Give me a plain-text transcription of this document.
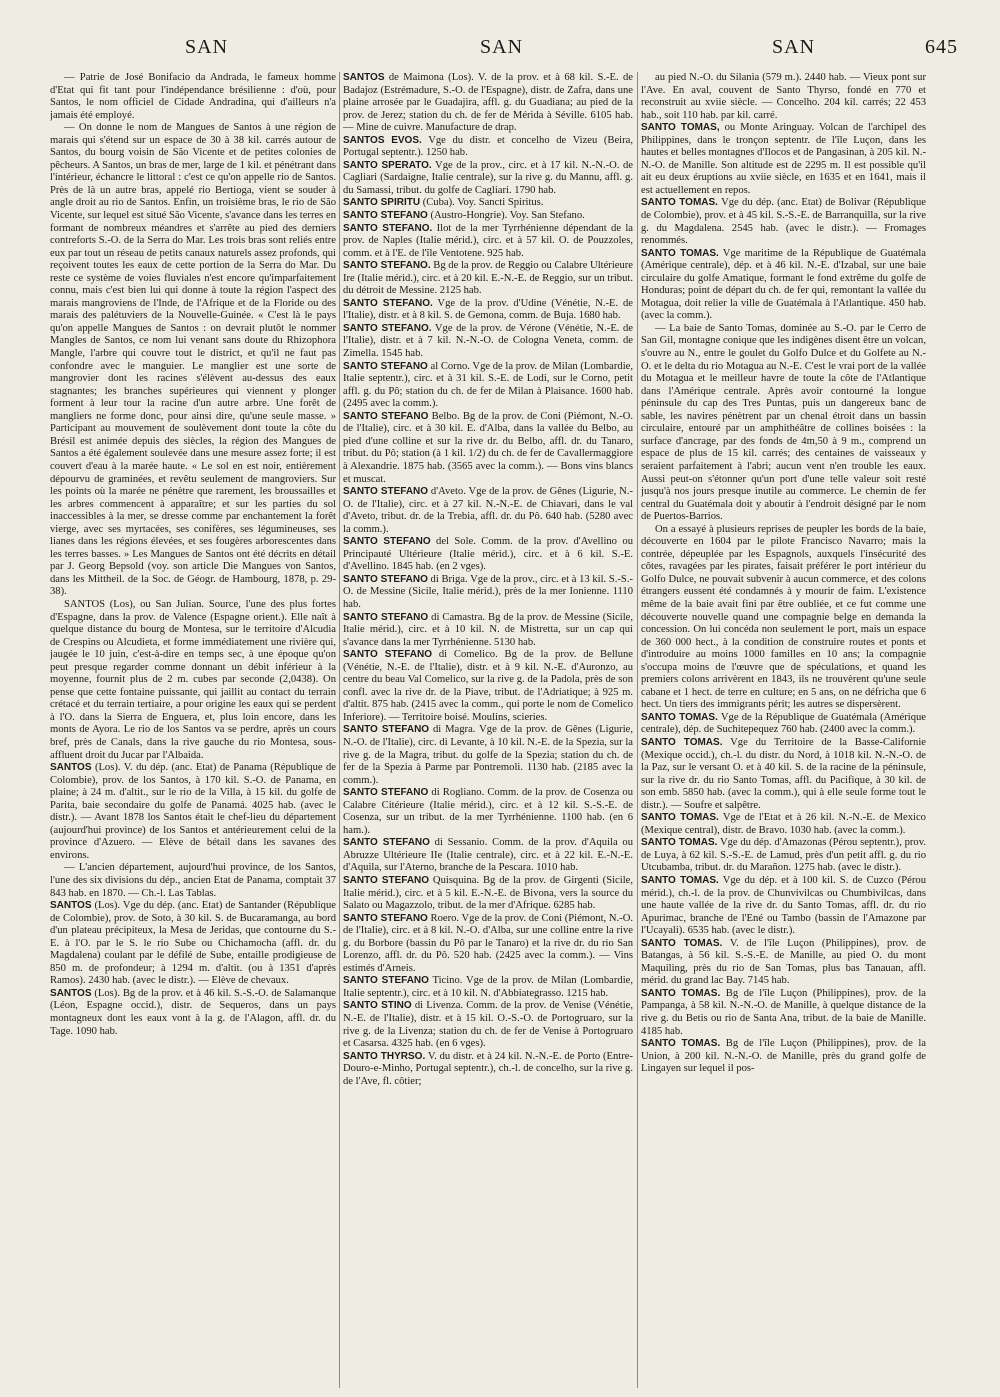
SAN	SAN	SAN	645

— Patrie de José Bonifacio da Andrada, le fameux homme d'Etat qui fit tant pour l'indépendance brésilienne : d'où, pour Santos, le nom officiel de Cidade Andradina, qui d'ailleurs n'a jamais été employé.

— On donne le nom de Mangues de Santos à une région de marais qui s'étend sur un espace de 30 à 38 kil. carrés autour de Santos, du bourg voisin de São Vicente et de petites colonies de pêcheurs. A Santos, un bras de mer, large de 1 kil. et pénétrant dans l'intérieur, échancre le littoral : c'est ce qu'on appelle rio de Santos. Près de là un autre bras, appelé rio Bertioga, vient se souder à angle droit au rio de Santos. Enfin, un troisième bras, le rio de São Vicente, sur lequel est situé São Vicente, s'avance dans les terres en formant de nombreux méandres et s'arrête au pied des derniers contreforts S.-O. de la Serra do Mar. Les trois bras sont reliés entre eux par tout un réseau de petits canaux naturels assez profonds, qui reçoivent toutes les eaux de cette portion de la Serra do Mar. Du reste ce système de voies fluviales n'est encore qu'imparfaitement connu, mais c'est bien lui qui donne à toute la région l'aspect des marais mangroviens de l'Inde, de l'Afrique et de la Floride ou des marais des palétuviers de la Nouvelle-Guinée. « C'est là le pays qu'on appelle Mangues de Santos : on devrait plutôt le nommer Mangles de Santos, ce nom lui venant sans doute du Rhizophora Mangle, l'arbre qui couvre tout le district, et qu'il ne faut pas confondre avec le manguier. Le manglier est une sorte de mangrovier dont les racines s'élèvent au-dessus des eaux stagnantes; les branches supérieures qui viennent y plonger forment à leur tour la racine d'un autre arbre. Une forêt de mangliers ne forme donc, pour ainsi dire, qu'une seule masse. » Participant au mouvement de soulèvement dont toute la côte du Brésil est animée depuis des siècles, la région des Mangues de Santos a été également soulevée dans une mesure assez forte; il est couvert d'eau à la marée haute. « Le sol en est noir, entièrement dépourvu de graminées, et revêtu seulement de mangroviers. Sur les points où la marée ne pénètre que rarement, les broussailles et les arbres commencent à apparaître; et sur les parties du sol inaccessibles à la mer, se dresse comme par enchantement la forêt vierge, avec ses myrtacées, ses conifères, ses légumineuses, ses lianes dans les régions élevées, et ses fougères arborescentes dans les terres basses. » Les Mangues de Santos ont été décrits en détail par J. Georg Bepsold (voy. son article Die Mangues von Santos, dans les Mittheil. de la Soc. de Géogr. de Hambourg, 1878, p. 29-38).

SANTOS (Los), ou San Julian. Source, l'une des plus fortes d'Espagne, dans la prov. de Valence (Espagne orient.). Elle naît à quelque distance du bourg de Montesa, sur le territoire d'Alcudia de Crespins ou Alcudieta, et forme immédiatement une rivière qui, jaugée le 10 juin, c'est-à-dire en temps sec, à une époque qu'on peut presque regarder comme donnant un débit inférieur à la moyenne, fournit plus de 2 m. cubes par seconde (2,0438). On pense que cette fontaine puissante, qui jaillit au contact du terrain crétacé et du terrain tertiaire, a pour origine les eaux qui se perdent à l'O. dans la Sierra de Enguera, et, plus loin encore, dans les monts de Ayora. Le rio de los Santos va se perdre, après un cours bref, près de Canals, dans la rive gauche du rio Montesa, sous-affluent droit du Jucar par l'Albaida.

SANTOS (Los). V. du dép. (anc. Etat) de Panama (République de Colombie), prov. de los Santos, à 170 kil. S.-O. de Panama, en plaine; à 24 m. d'altit., sur le rio de la Villa, à 15 kil. du golfe de Parita, baie secondaire du golfe de Panamá. 4025 hab. (avec le distr.). — Avant 1878 los Santos était le chef-lieu du département (aujourd'hui province) de los Santos et antérieurement celui de la province d'Azuero. — Elève de bétail dans les savanes des environs.

— L'ancien département, aujourd'hui province, de los Santos, l'une des six divisions du dép., ancien Etat de Panama, comptait 37 843 hab. en 1870. — Ch.-l. Las Tablas.

SANTOS (Los). Vge du dép. (anc. Etat) de Santander (République de Colombie), prov. de Soto, à 30 kil. S. de Bucaramanga, au bord d'un plateau précipiteux, la Mesa de Jeridas, que contourne du S.-E. à l'O. par le S. le rio Sube ou Chichamocha (affl. dr. du Magdalena) coulant par le défilé de Sube, entaille prodigieuse de 850 m. de profondeur; à 1294 m. d'altit. (ou à 1351 d'après Ramos). 2430 hab. (avec le distr.). — Elève de chevaux.

SANTOS (Los). Bg de la prov. et à 46 kil. S.-S.-O. de Salamanque (Léon, Espagne occid.), distr. de Sequeros, dans un pays montagneux dont les eaux vont à la g. de l'Alagon, affl. dr. du Tage. 1090 hab.

SANTOS de Maimona (Los). V. de la prov. et à 68 kil. S.-E. de Badajoz (Estrémadure, S.-O. de l'Espagne), distr. de Zafra, dans une plaine arrosée par le Guadajira, affl. g. du Guadiana; au pied de la prov. de Jerez; station du ch. de fer de Mérida à Séville. 6105 hab. — Mine de cuivre. Manufacture de drap.

SANTOS EVOS. Vge du distr. et concelho de Vizeu (Beira, Portugal septentr.). 1250 hab.

SANTO SPERATO. Vge de la prov., circ. et à 17 kil. N.-N.-O. de Cagliari (Sardaigne, Italie centrale), sur la rive g. du Mannu, affl. g. du Samassi, tribut. du golfe de Cagliari. 1790 hab.

SANTO SPIRITU (Cuba). Voy. Sancti Spiritus.

SANTO STEFANO (Austro-Hongrie). Voy. San Stefano.

SANTO STEFANO. Ilot de la mer Tyrrhénienne dépendant de la prov. de Naples (Italie mérid.), circ. et à 57 kil. O. de Pouzzoles, comm. et à l'E. de l'île Ventotene. 925 hab.

SANTO STEFANO. Bg de la prov. de Reggio ou Calabre Ultérieure Ire (Italie mérid.), circ. et à 20 kil. E.-N.-E. de Reggio, sur un tribut. du détroit de Messine. 2125 hab.

SANTO STEFANO. Vge de la prov. d'Udine (Vénétie, N.-E. de l'Italie), distr. et à 8 kil. S. de Gemona, comm. de Buja. 1680 hab.

SANTO STEFANO. Vge de la prov. de Vérone (Vénétie, N.-E. de l'Italie), distr. et à 7 kil. N.-N.-O. de Cologna Veneta, comm. de Zimella. 1545 hab.

SANTO STEFANO al Corno. Vge de la prov. de Milan (Lombardie, Italie septentr.), circ. et à 31 kil. S.-E. de Lodi, sur le Corno, petit affl. g. du Pô; station du ch. de fer de Milan à Plaisance. 1600 hab. (2495 avec la comm.).

SANTO STEFANO Belbo. Bg de la prov. de Coni (Piémont, N.-O. de l'Italie), circ. et à 30 kil. E. d'Alba, dans la vallée du Belbo, au pied d'une colline et sur la rive dr. du Belbo, affl. dr. du Tanaro, tribut. du Pô; station (à 1 kil. 1/2) du ch. de fer de Cavallermaggiore à Alexandrie. 1875 hab. (3565 avec la comm.). — Bons vins blancs et muscat.

SANTO STEFANO d'Aveto. Vge de la prov. de Gênes (Ligurie, N.-O. de l'Italie), circ. et à 27 kil. N.-N.-E. de Chiavari, dans le val d'Aveto, tribut. dr. de la Trebia, affl. dr. du Pô. 640 hab. (5280 avec la comm.).

SANTO STEFANO del Sole. Comm. de la prov. d'Avellino ou Principauté Ultérieure (Italie mérid.), circ. et à 6 kil. S.-E. d'Avellino. 1845 hab. (en 2 vges).

SANTO STEFANO di Briga. Vge de la prov., circ. et à 13 kil. S.-S.-O. de Messine (Sicile, Italie mérid.), près de la mer Ionienne. 1110 hab.

SANTO STEFANO di Camastra. Bg de la prov. de Messine (Sicile, Italie mérid.), circ. et à 10 kil. N. de Mistretta, sur un cap qui s'avance dans la mer Tyrrhénienne. 5130 hab.

SANTO STEFANO di Comelico. Bg de la prov. de Bellune (Vénétie, N.-E. de l'Italie), distr. et à 9 kil. N.-E. d'Auronzo, au centre du beau Val Comelico, sur la rive g. de la Padola, près de son confl. avec la rive dr. de la Piave, tribut. de l'Adriatique; à 925 m. d'altit. 875 hab. (2415 avec la comm., qui porte le nom de Comelico Inferiore). — Territoire boisé. Moulins, scieries.

SANTO STEFANO di Magra. Vge de la prov. de Gênes (Ligurie, N.-O. de l'Italie), circ. di Levante, à 10 kil. N.-E. de la Spezia, sur la rive g. de la Magra, tribut. du golfe de la Spezia; station du ch. de fer de la Spezia à Parme par Pontremoli. 1130 hab. (2185 avec la comm.).

SANTO STEFANO di Rogliano. Comm. de la prov. de Cosenza ou Calabre Citérieure (Italie mérid.), circ. et à 12 kil. S.-S.-E. de Cosenza, sur un tribut. de la mer Tyrrhénienne. 1100 hab. (en 6 ham.).

SANTO STEFANO di Sessanio. Comm. de la prov. d'Aquila ou Abruzze Ultérieure IIe (Italie centrale), circ. et à 22 kil. E.-N.-E. d'Aquila, sur l'Aterno, branche de la Pescara. 1010 hab.

SANTO STEFANO Quisquina. Bg de la prov. de Girgenti (Sicile, Italie mérid.), circ. et à 5 kil. E.-N.-E. de Bivona, vers la source du Salato ou Magazzolo, tribut. de la mer d'Afrique. 6285 hab.

SANTO STEFANO Roero. Vge de la prov. de Coni (Piémont, N.-O. de l'Italie), circ. et à 8 kil. N.-O. d'Alba, sur une colline entre la rive g. du Borbore (bassin du Pô par le Tanaro) et la rive dr. du rio San Lorenzo, affl. dr. du Pô. 520 hab. (2425 avec la comm.). — Vins estimés d'Arneis.

SANTO STEFANO Ticino. Vge de la prov. de Milan (Lombardie, Italie septentr.), circ. et à 10 kil. N. d'Abbiategrasso. 1215 hab.

SANTO STINO di Livenza. Comm. de la prov. de Venise (Vénétie, N.-E. de l'Italie), distr. et à 15 kil. O.-S.-O. de Portogruaro, sur la rive g. de la Livenza; station du ch. de fer de Venise à Portogruaro et Casarsa. 4325 hab. (en 6 vges).

SANTO THYRSO. V. du distr. et à 24 kil. N.-N.-E. de Porto (Entre-Douro-e-Minho, Portugal septentr.), ch.-l. de concelho, sur la rive g. de l'Ave, fl. côtier;

au pied N.-O. du Silania (579 m.). 2440 hab. — Vieux pont sur l'Ave. En aval, couvent de Santo Thyrso, fondé en 770 et reconstruit au xviie siècle. — Concelho. 204 kil. carrés; 22 453 hab., soit 110 hab. par kil. carré.

SANTO TOMAS, ou Monte Aringuay. Volcan de l'archipel des Philippines, dans le tronçon septentr. de l'île Luçon, dans les hautes et belles montagnes d'Ilocos et de Pangasinan, à 205 kil. N.-N.-O. de Manille. Son altitude est de 2295 m. Il est possible qu'il ait eu deux éruptions au xviie siècle, en 1635 et en 1641, mais il est actuellement en repos.

SANTO TOMAS. Vge du dép. (anc. Etat) de Bolivar (République de Colombie), prov. et à 45 kil. S.-S.-E. de Barranquilla, sur la rive g. du Magdalena. 2545 hab. (avec le distr.). — Fromages renommés.

SANTO TOMAS. Vge maritime de la République de Guatémala (Amérique centrale), dép. et à 46 kil. N.-E. d'Izabal, sur une baie circulaire du golfe Amatique, formant le fond extrême du golfe de Honduras; point de départ du ch. de fer qui, remontant la vallée du Motagua, doit relier la ville de Guatémala à l'Atlantique. 450 hab. (avec la comm.).

— La baie de Santo Tomas, dominée au S.-O. par le Cerro de San Gil, montagne conique que les indigènes disent être un volcan, s'ouvre au N., entre le goulet du Golfo Dulce et du Golfete au N.-O. et le delta du rio Motagua au N.-E. C'est le vrai port de la vallée du Motagua et le meilleur havre de toute la côte de l'Atlantique dans l'Amérique centrale. Après avoir contourné la longue péninsule du cap des Tres Puntas, puis un dangereux banc de sable, les navires pénètrent par un chenal étroit dans un bassin circulaire, entouré par un amphithéâtre de collines boisées : la surface d'ancrage, par des fonds de 4m,50 à 9 m., comprend un espace de plus de 15 kil. carrés; des centaines de vaisseaux y seraient parfaitement à l'abri; aucun vent n'en trouble les eaux. Aussi peut-on s'étonner qu'un port d'une telle valeur soit resté jusqu'à nos jours presque inutile au commerce. Le chemin de fer central du Guatémala doit y aboutir à l'endroit désigné par le nom de Puertos-Barrios.

On a essayé à plusieurs reprises de peupler les bords de la baie, découverte en 1604 par le pilote Francisco Navarro; mais la contrée, dépeuplée par les Espagnols, auxquels l'insécurité des côtes, ravagées par les pirates, faisait préférer le port intérieur du Golfo Dulce, ne pouvait subvenir à aucun commerce, et des colons étrangers eussent été condamnés à y mourir de faim. L'existence même de la baie avait fini par être oubliée, et ce fut comme une découverte nouvelle quand une compagnie belge en demanda la concession. On lui concéda non seulement le port, mais un espace de 360 000 hect., à la condition de construire routes et ponts et d'introduire au moins 1000 familles en 10 ans; la compagnie s'occupa moins de l'œuvre que de spéculations, et quand les premiers colons arrivèrent en 1843, ils ne trouvèrent qu'une seule cabane et 1 hect. de terre en culture; en 5 ans, on ne défricha que 6 hect. Un tiers des immigrants périt; les autres se dispersèrent.

SANTO TOMAS. Vge de la République de Guatémala (Amérique centrale), dép. de Suchitepequez 760 hab. (2400 avec la comm.).

SANTO TOMAS. Vge du Territoire de la Basse-Californie (Mexique occid.), ch.-l. du distr. du Nord, à 1018 kil. N.-N.-O. de la Paz, sur le versant O. et à 40 kil. S. de la racine de la péninsule, sur la rive dr. du rio Santo Tomas, affl. du Pacifique, à 30 kil. de son emb. 5850 hab. (avec la comm.), qui à elle seule forme tout le distr.). — Soufre et salpêtre.

SANTO TOMAS. Vge de l'Etat et à 26 kil. N.-N.-E. de Mexico (Mexique central), distr. de Bravo. 1030 hab. (avec la comm.).

SANTO TOMAS. Vge du dép. d'Amazonas (Pérou septentr.), prov. de Luya, à 62 kil. S.-S.-E. de Lamud, près d'un petit affl. g. du rio Utcubamba, tribut. dr. du Marañon. 1275 hab. (avec le distr.).

SANTO TOMAS. Vge du dép. et à 100 kil. S. de Cuzco (Pérou mérid.), ch.-l. de la prov. de Chunvivilcas ou Chumbivilcas, dans une haute vallée de la rive dr. du Santo Tomas, affl. dr. du rio Apurimac, branche de l'Ené ou Tambo (bassin de l'Amazone par l'Ucayali). 6535 hab. (avec le distr.).

SANTO TOMAS. V. de l'île Luçon (Philippines), prov. de Batangas, à 56 kil. S.-S.-E. de Manille, au pied O. du mont Maquiling, près du rio de San Tomas, plus bas Tanauan, affl. mérid. du grand lac Bay. 7145 hab.

SANTO TOMAS. Bg de l'île Luçon (Philippines), prov. de la Pampanga, à 58 kil. N.-N.-O. de Manille, à quelque distance de la rive g. du Betis ou rio de Santa Ana, tribut. de la baie de Manille. 4185 hab.

SANTO TOMAS. Bg de l'île Luçon (Philippines), prov. de la Union, à 200 kil. N.-N.-O. de Manille, près du grand golfe de Lingayen sur lequel il pos-
